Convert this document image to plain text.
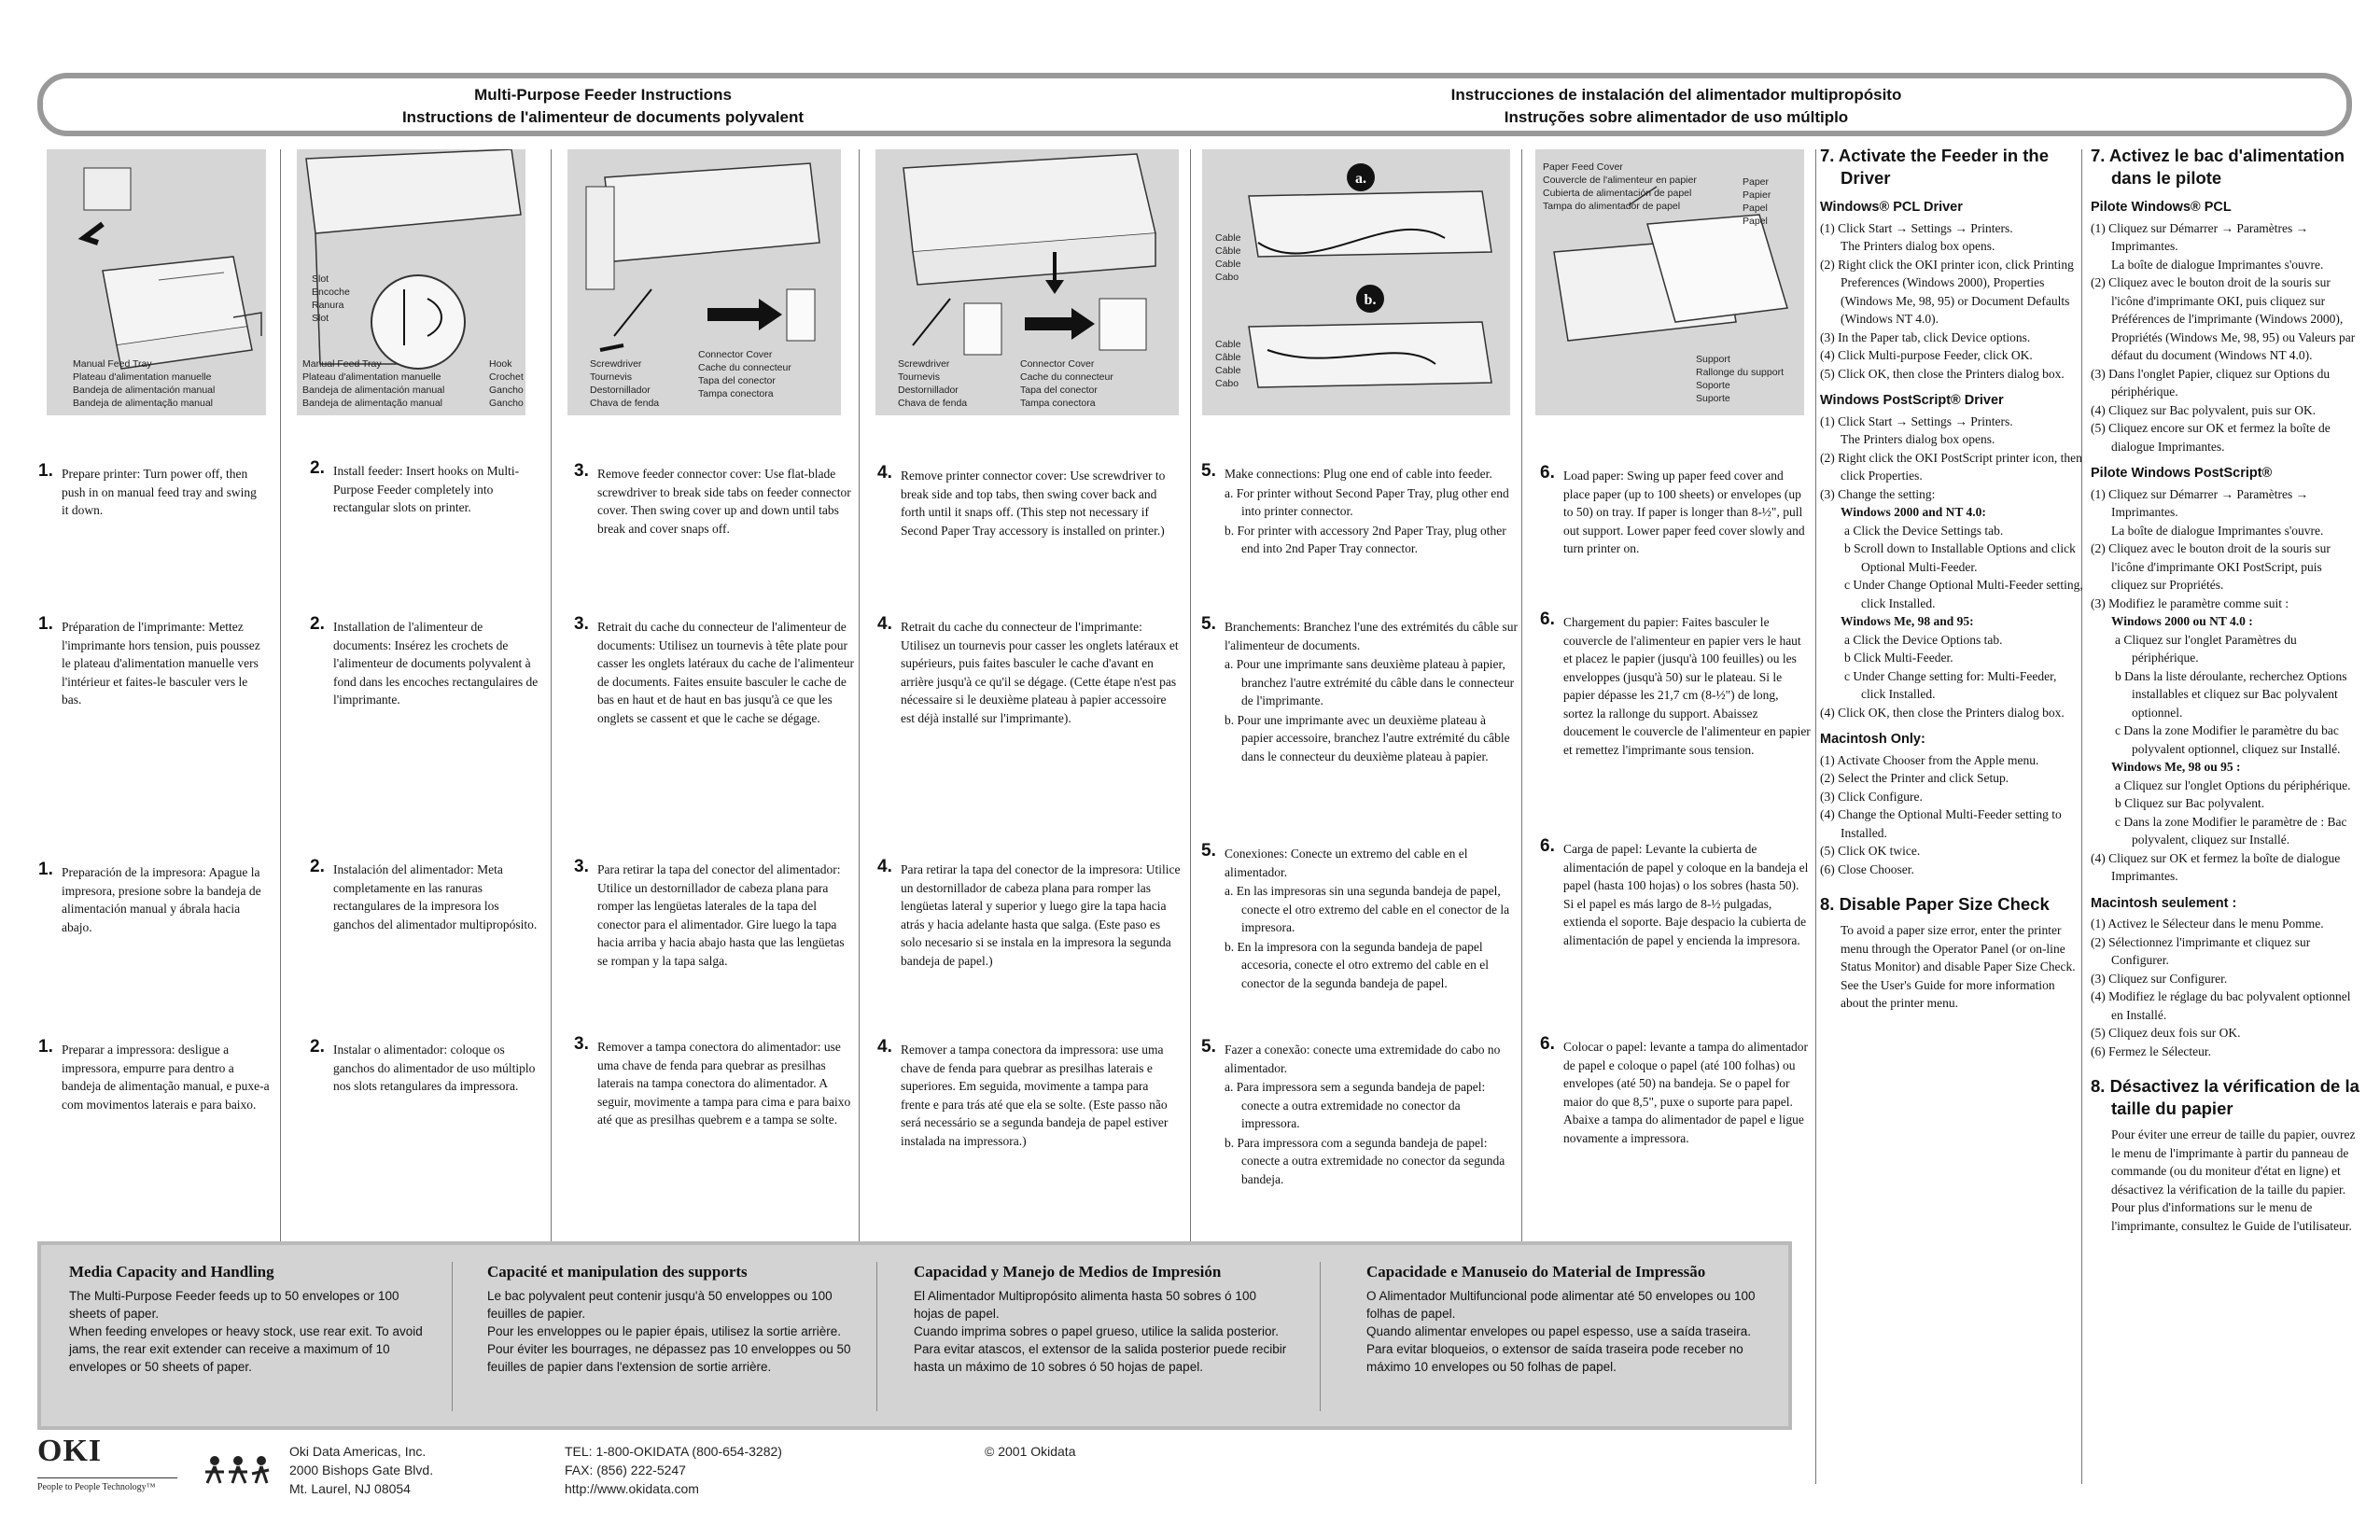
Multi-Purpose Feeder Instructions
Instructions de l'alimenteur de documents polyvalent
Instrucciones de instalación del alimentador multipropósito
Instruções sobre alimentador de uso múltiplo
Manual Feed Tray
Plateau d'alimentation manuelle
Bandeja de alimentación manual
Bandeja de alimentação manual
Slot
Encoche
Ranura
Slot
Manual Feed Tray
Plateau d'alimentation manuelle
Bandeja de alimentación manual
Bandeja de alimentação manual
Hook
Crochet
Gancho
Gancho
Screwdriver
Tournevis
Destornillador
Chava de fenda
Connector Cover
Cache du connecteur
Tapa del conector
Tampa conectora
Screwdriver
Tournevis
Destornillador
Chava de fenda
Connector Cover
Cache du connecteur
Tapa del conector
Tampa conectora
a.
b.
Cable
Câble
Cable
Cabo
Cable
Câble
Cable
Cabo
Paper Feed Cover
Couvercle de l'alimenteur en papier
Cubierta de alimentación de papel
Tampa do alimentador de papel
Paper
Papier
Papel
Papel
Support
Rallonge du support
Soporte
Suporte
1. Prepare printer: Turn power off, then push in on manual feed tray and swing it down.
2. Install feeder: Insert hooks on Multi-Purpose Feeder completely into rectangular slots on printer.
3. Remove feeder connector cover: Use flat-blade screwdriver to break side tabs on feeder connector cover. Then swing cover up and down until tabs break and cover snaps off.
4. Remove printer connector cover: Use screwdriver to break side and top tabs, then swing cover back and forth until it snaps off. (This step not necessary if Second Paper Tray accessory is installed on printer.)
5. Make connections: Plug one end of cable into feeder.
a. For printer without Second Paper Tray, plug other end into printer connector.
b. For printer with accessory 2nd Paper Tray, plug other end into 2nd Paper Tray connector.
6. Load paper: Swing up paper feed cover and place paper (up to 100 sheets) or envelopes (up to 50) on tray. If paper is longer than 8-½", pull out support. Lower paper feed cover slowly and turn printer on.
1. Préparation de l'imprimante: Mettez l'imprimante hors tension, puis poussez le plateau d'alimentation manuelle vers l'intérieur et faites-le basculer vers le bas.
2. Installation de l'alimenteur de documents: Insérez les crochets de l'alimenteur de documents polyvalent à fond dans les encoches rectangulaires de l'imprimante.
3. Retrait du cache du connecteur de l'alimenteur de documents: Utilisez un tournevis à tête plate pour casser les onglets latéraux du cache de l'alimenteur de documents. Faites ensuite basculer le cache de bas en haut et de haut en bas jusqu'à ce que les onglets se cassent et que le cache se dégage.
4. Retrait du cache du connecteur de l'imprimante: Utilisez un tournevis pour casser les onglets latéraux et supérieurs, puis faites basculer le cache d'avant en arrière jusqu'à ce qu'il se dégage. (Cette étape n'est pas nécessaire si le deuxième plateau à papier accessoire est déjà installé sur l'imprimante).
5. Branchements: Branchez l'une des extrémités du câble sur l'alimenteur de documents.
a. Pour une imprimante sans deuxième plateau à papier, branchez l'autre extrémité du câble dans le connecteur de l'imprimante.
b. Pour une imprimante avec un deuxième plateau à papier accessoire, branchez l'autre extrémité du câble dans le connecteur du deuxième plateau à papier.
6. Chargement du papier: Faites basculer le couvercle de l'alimenteur en papier vers le haut et placez le papier (jusqu'à 100 feuilles) ou les enveloppes (jusqu'à 50) sur le plateau. Si le papier dépasse les 21,7 cm (8-½") de long, sortez la rallonge du support. Abaissez doucement le couvercle de l'alimenteur en papier et remettez l'imprimante sous tension.
1. Preparación de la impresora: Apague la impresora, presione sobre la bandeja de alimentación manual y ábrala hacia abajo.
2. Instalación del alimentador: Meta completamente en las ranuras rectangulares de la impresora los ganchos del alimentador multipropósito.
3. Para retirar la tapa del conector del alimentador: Utilice un destornillador de cabeza plana para romper las lengüetas laterales de la tapa del conector para el alimentador. Gire luego la tapa hacia arriba y hacia abajo hasta que las lengüetas se rompan y la tapa salga.
4. Para retirar la tapa del conector de la impresora: Utilice un destornillador de cabeza plana para romper las lengüetas lateral y superior y luego gire la tapa hacia atrás y hacia adelante hasta que salga. (Este paso es solo necesario si se instala en la impresora la segunda bandeja de papel.)
5. Conexiones: Conecte un extremo del cable en el alimentador.
a. En las impresoras sin una segunda bandeja de papel, conecte el otro extremo del cable en el conector de la impresora.
b. En la impresora con la segunda bandeja de papel accesoria, conecte el otro extremo del cable en el conector de la segunda bandeja de papel.
6. Carga de papel: Levante la cubierta de alimentación de papel y coloque en la bandeja el papel (hasta 100 hojas) o los sobres (hasta 50). Si el papel es más largo de 8-½ pulgadas, extienda el soporte. Baje despacio la cubierta de alimentación de papel y encienda la impresora.
1. Preparar a impressora: desligue a impressora, empurre para dentro a bandeja de alimentação manual, e puxe-a com movimentos laterais e para baixo.
2. Instalar o alimentador: coloque os ganchos do alimentador de uso múltiplo nos slots retangulares da impressora.
3. Remover a tampa conectora do alimentador: use uma chave de fenda para quebrar as presilhas laterais na tampa conectora do alimentador. A seguir, movimente a tampa para cima e para baixo até que as presilhas quebrem e a tampa se solte.
4. Remover a tampa conectora da impressora: use uma chave de fenda para quebrar as presilhas laterais e superiores. Em seguida, movimente a tampa para frente e para trás até que ela se solte. (Este passo não será necessário se a segunda bandeja de papel estiver instalada na impressora.)
5. Fazer a conexão: conecte uma extremidade do cabo no alimentador.
a. Para impressora sem a segunda bandeja de papel: conecte a outra extremidade no conector da impressora.
b. Para impressora com a segunda bandeja de papel: conecte a outra extremidade no conector da segunda bandeja.
6. Colocar o papel: levante a tampa do alimentador de papel e coloque o papel (até 100 folhas) ou envelopes (até 50) na bandeja. Se o papel for maior do que 8,5", puxe o suporte para papel. Abaixe a tampa do alimentador de papel e ligue novamente a impressora.
Media Capacity and Handling

The Multi-Purpose Feeder feeds up to 50 envelopes or 100 sheets of paper.

When feeding envelopes or heavy stock, use rear exit. To avoid jams, the rear exit extender can receive a maximum of 10 envelopes or 50 sheets of paper.

Capacité et manipulation des supports

Le bac polyvalent peut contenir jusqu'à 50 enveloppes ou 100 feuilles de papier.

Pour les enveloppes ou le papier épais, utilisez la sortie arrière. Pour éviter les bourrages, ne dépassez pas 10 enveloppes ou 50 feuilles de papier dans l'extension de sortie arrière.

Capacidad y Manejo de Medios de Impresión

El Alimentador Multipropósito alimenta hasta 50 sobres ó 100 hojas de papel.

Cuando imprima sobres o papel grueso, utilice la salida posterior. Para evitar atascos, el extensor de la salida posterior puede recibir hasta un máximo de 10 sobres ó 50 hojas de papel.

Capacidade e Manuseio do Material de Impressão

O Alimentador Multifuncional pode alimentar até 50 envelopes ou 100 folhas de papel.

Quando alimentar envelopes ou papel espesso, use a saída traseira. Para evitar bloqueios, o extensor de saída traseira pode receber no máximo 10 envelopes ou 50 folhas de papel.

7. Activate the Feeder in the Driver
Windows® PCL Driver

(1) Click Start → Settings → Printers.

The Printers dialog box opens.

(2) Right click the OKI printer icon, click Printing Preferences (Windows 2000), Properties (Windows Me, 98, 95) or Document Defaults (Windows NT 4.0).

(3) In the Paper tab, click Device options.

(4) Click Multi-purpose Feeder, click OK.

(5) Click OK, then close the Printers dialog box.

Windows PostScript® Driver

(1) Click Start → Settings → Printers.

The Printers dialog box opens.

(2) Right click the OKI PostScript printer icon, then click Properties.

(3) Change the setting:

Windows 2000 and NT 4.0:

a Click the Device Settings tab.

b Scroll down to Installable Options and click Optional Multi-Feeder.

c Under Change Optional Multi-Feeder setting, click Installed.

Windows Me, 98 and 95:

a Click the Device Options tab.

b Click Multi-Feeder.

c Under Change setting for: Multi-Feeder, click Installed.

(4) Click OK, then close the Printers dialog box.

Macintosh Only:

(1) Activate Chooser from the Apple menu.

(2) Select the Printer and click Setup.

(3) Click Configure.

(4) Change the Optional Multi-Feeder setting to Installed.

(5) Click OK twice.

(6) Close Chooser.

8. Disable Paper Size Check

To avoid a paper size error, enter the printer menu through the Operator Panel (or on-line Status Monitor) and disable Paper Size Check. See the User's Guide for more information about the printer menu.

7. Activez le bac d'alimentation dans le pilote
Pilote Windows® PCL

(1) Cliquez sur Démarrer → Paramètres → Imprimantes.

La boîte de dialogue Imprimantes s'ouvre.

(2) Cliquez avec le bouton droit de la souris sur l'icône d'imprimante OKI, puis cliquez sur Préférences de l'imprimante (Windows 2000), Propriétés (Windows Me, 98, 95) ou Valeurs par défaut du document (Windows NT 4.0).

(3) Dans l'onglet Papier, cliquez sur Options du périphérique.

(4) Cliquez sur Bac polyvalent, puis sur OK.

(5) Cliquez encore sur OK et fermez la boîte de dialogue Imprimantes.

Pilote Windows PostScript®

(1) Cliquez sur Démarrer → Paramètres → Imprimantes.

La boîte de dialogue Imprimantes s'ouvre.

(2) Cliquez avec le bouton droit de la souris sur l'icône d'imprimante OKI PostScript, puis cliquez sur Propriétés.

(3) Modifiez le paramètre comme suit :

Windows 2000 ou NT 4.0 :

a Cliquez sur l'onglet Paramètres du périphérique.

b Dans la liste déroulante, recherchez Options installables et cliquez sur Bac polyvalent optionnel.

c Dans la zone Modifier le paramètre du bac polyvalent optionnel, cliquez sur Installé.

Windows Me, 98 ou 95 :

a Cliquez sur l'onglet Options du périphérique.

b Cliquez sur Bac polyvalent.

c Dans la zone Modifier le paramètre de : Bac polyvalent, cliquez sur Installé.

(4) Cliquez sur OK et fermez la boîte de dialogue Imprimantes.

Macintosh seulement :

(1) Activez le Sélecteur dans le menu Pomme.

(2) Sélectionnez l'imprimante et cliquez sur Configurer.

(3) Cliquez sur Configurer.

(4) Modifiez le réglage du bac polyvalent optionnel en Installé.

(5) Cliquez deux fois sur OK.

(6) Fermez le Sélecteur.

8. Désactivez la vérification de la taille du papier

Pour éviter une erreur de taille du papier, ouvrez le menu de l'imprimante à partir du panneau de commande (ou du moniteur d'état en ligne) et désactivez la vérification de la taille du papier. Pour plus d'informations sur le menu de l'imprimante, consultez le Guide de l'utilisateur.

OKI
People to People Technology™
Oki Data Americas, Inc.
2000 Bishops Gate Blvd.
Mt. Laurel, NJ 08054
TEL: 1-800-OKIDATA (800-654-3282)
FAX: (856) 222-5247
http://www.okidata.com
© 2001 Okidata
